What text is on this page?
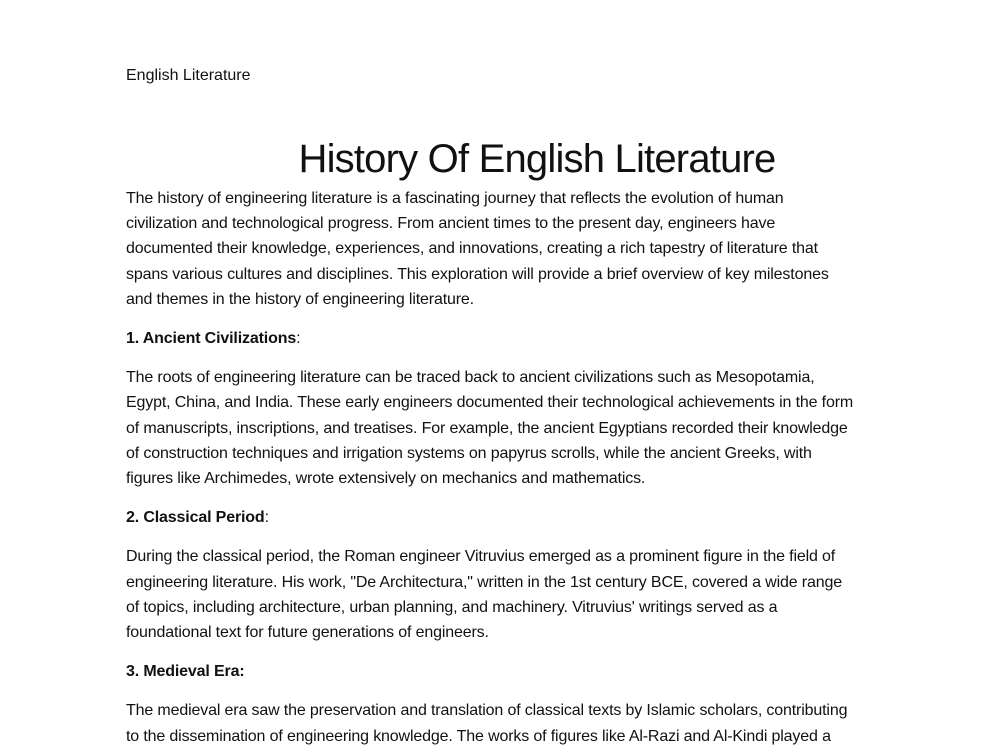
English Literature
History Of English Literature

The history of engineering literature is a fascinating journey that reflects the evolution of human
civilization and technological progress. From ancient times to the present day, engineers have
documented their knowledge, experiences, and innovations, creating a rich tapestry of literature that
spans various cultures and disciplines. This exploration will provide a brief overview of key milestones
and themes in the history of engineering literature.

1. Ancient Civilizations:

The roots of engineering literature can be traced back to ancient civilizations such as Mesopotamia,
Egypt, China, and India. These early engineers documented their technological achievements in the form
of manuscripts, inscriptions, and treatises. For example, the ancient Egyptians recorded their knowledge
of construction techniques and irrigation systems on papyrus scrolls, while the ancient Greeks, with
figures like Archimedes, wrote extensively on mechanics and mathematics.

2. Classical Period:

During the classical period, the Roman engineer Vitruvius emerged as a prominent figure in the field of
engineering literature. His work, "De Architectura," written in the 1st century BCE, covered a wide range
of topics, including architecture, urban planning, and machinery. Vitruvius' writings served as a
foundational text for future generations of engineers.

3. Medieval Era:

The medieval era saw the preservation and translation of classical texts by Islamic scholars, contributing
to the dissemination of engineering knowledge. The works of figures like Al-Razi and Al-Kindi played a
